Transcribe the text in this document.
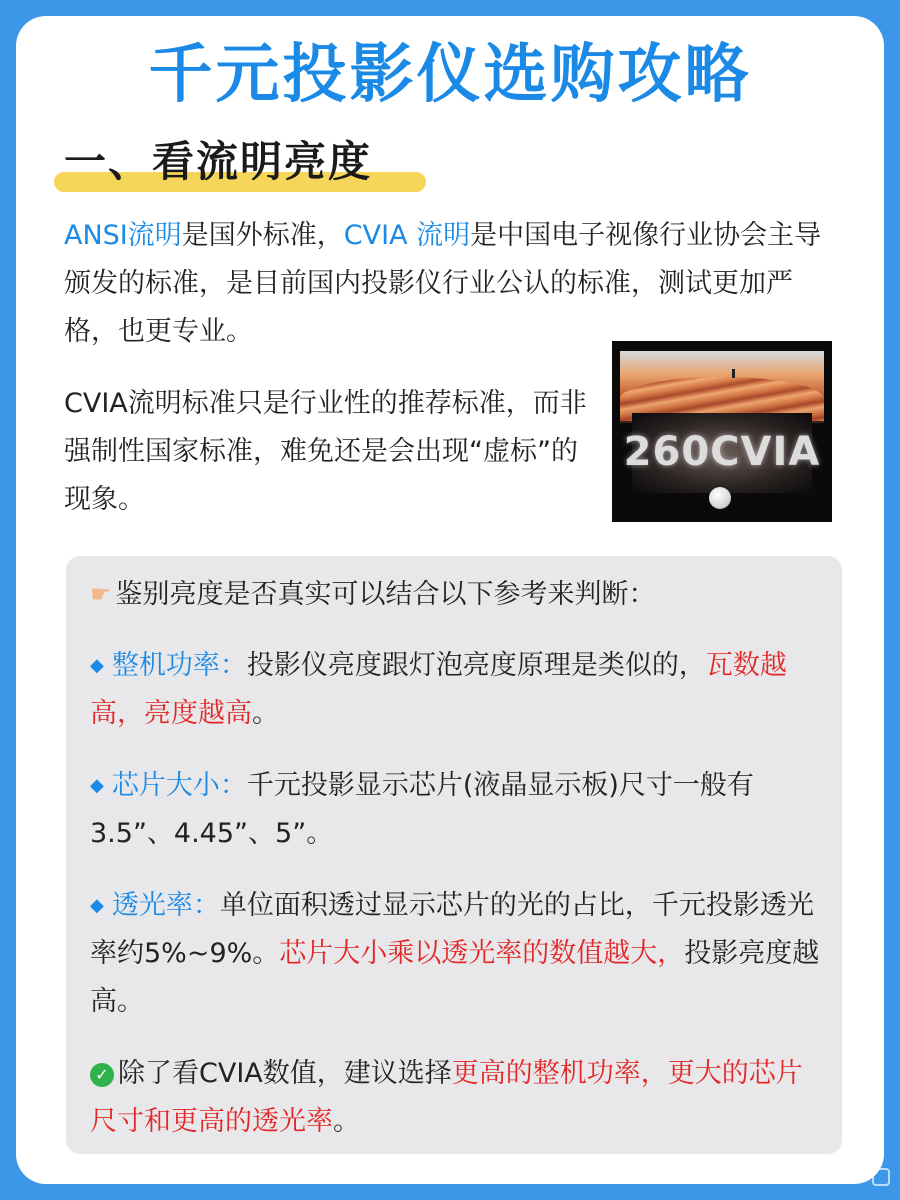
千元投影仪选购攻略
一、看流明亮度

ANSI流明是国外标准，CVIA 流明是中国电子视像行业协会主导颁发的标准，是目前国内投影仪行业公认的标准，测试更加严格，也更专业。

CVIA流明标准只是行业性的推荐标准，而非强制性国家标准，难免还是会出现“虚标”的现象。

260CVIA

☛ 鉴别亮度是否真实可以结合以下参考来判断：

◆ 整机功率：投影仪亮度跟灯泡亮度原理是类似的，瓦数越高，亮度越高。

◆ 芯片大小：千元投影显示芯片(液晶显示板)尺寸一般有3.5”、4.45”、5”。

◆ 透光率：单位面积透过显示芯片的光的占比，千元投影透光率约5%~9%。芯片大小乘以透光率的数值越大，投影亮度越高。

✓ 除了看CVIA数值，建议选择更高的整机功率，更大的芯片尺寸和更高的透光率。
